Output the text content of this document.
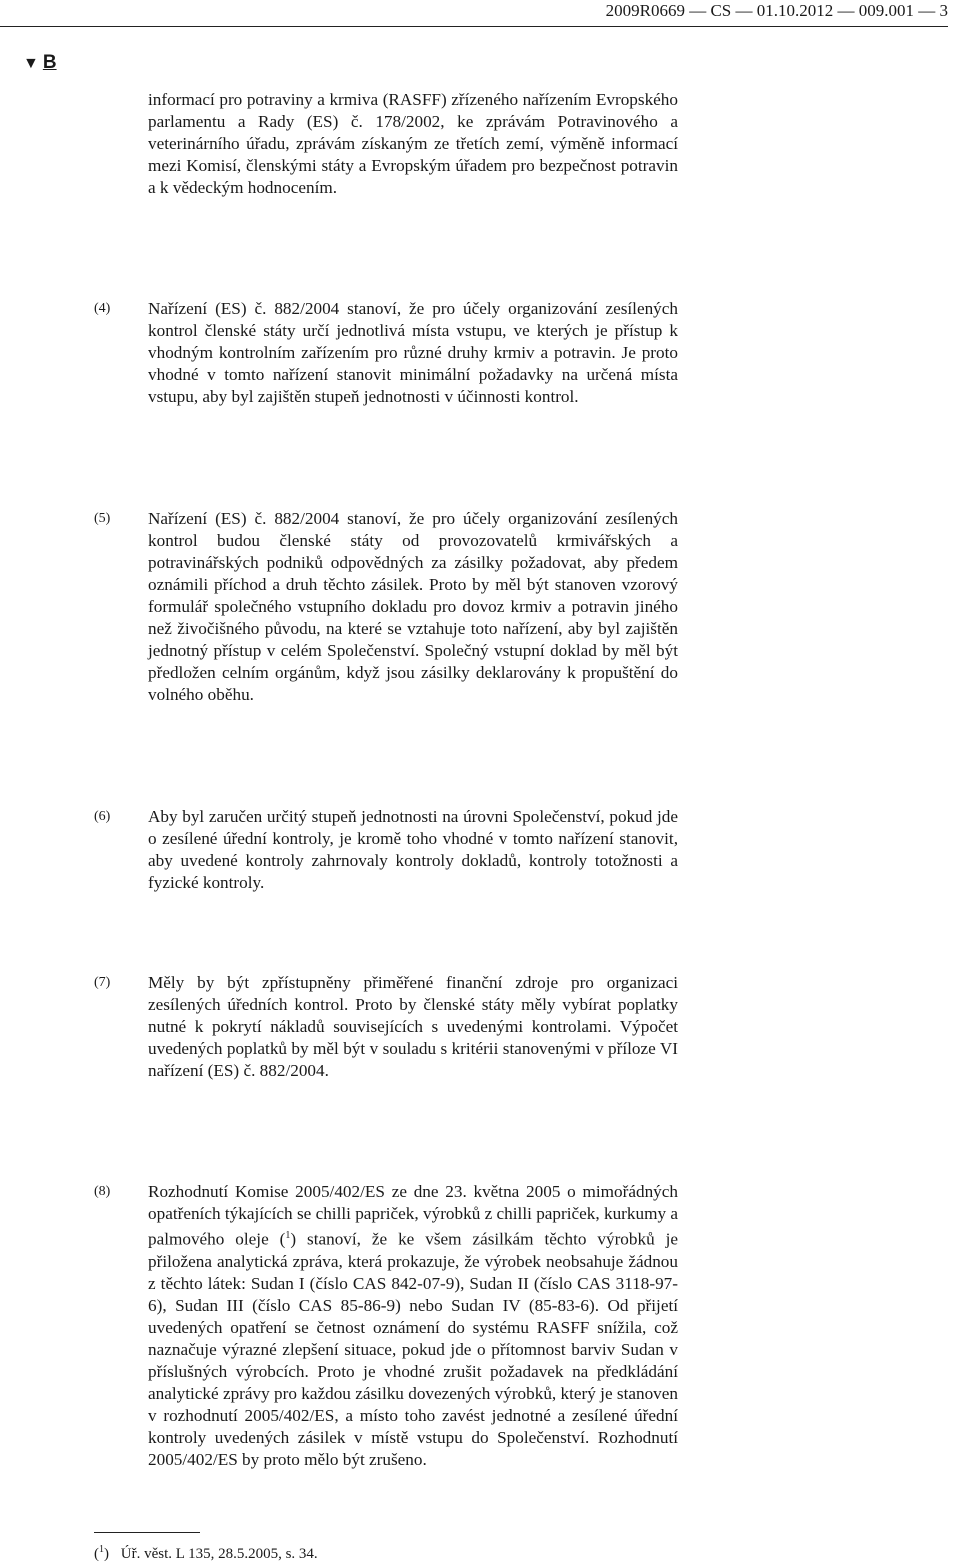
2009R0669 — CS — 01.10.2012 — 009.001 — 3
▼ B

informací pro potraviny a krmiva (RASFF) zřízeného nařízením Evropského parlamentu a Rady (ES) č. 178/2002, ke zprávám Potravinového a veterinárního úřadu, zprávám získaným ze třetích zemí, výměně informací mezi Komisí, členskými státy a Evropským úřadem pro bezpečnost potravin a k vědeckým hodnocením.

(4) Nařízení (ES) č. 882/2004 stanoví, že pro účely organizování zesílených kontrol členské státy určí jednotlivá místa vstupu, ve kterých je přístup k vhodným kontrolním zařízením pro různé druhy krmiv a potravin. Je proto vhodné v tomto nařízení stanovit minimální požadavky na určená místa vstupu, aby byl zajištěn stupeň jednotnosti v účinnosti kontrol.

(5) Nařízení (ES) č. 882/2004 stanoví, že pro účely organizování zesílených kontrol budou členské státy od provozovatelů krmivářských a potravinářských podniků odpovědných za zásilky požadovat, aby předem oznámili příchod a druh těchto zásilek. Proto by měl být stanoven vzorový formulář společného vstupního dokladu pro dovoz krmiv a potravin jiného než živočišného původu, na které se vztahuje toto nařízení, aby byl zajištěn jednotný přístup v celém Společenství. Společný vstupní doklad by měl být předložen celním orgánům, když jsou zásilky deklarovány k propuštění do volného oběhu.

(6) Aby byl zaručen určitý stupeň jednotnosti na úrovni Společenství, pokud jde o zesílené úřední kontroly, je kromě toho vhodné v tomto nařízení stanovit, aby uvedené kontroly zahrnovaly kontroly dokladů, kontroly totožnosti a fyzické kontroly.

(7) Měly by být zpřístupněny přiměřené finanční zdroje pro organizaci zesílených úředních kontrol. Proto by členské státy měly vybírat poplatky nutné k pokrytí nákladů souvisejících s uvedenými kontrolami. Výpočet uvedených poplatků by měl být v souladu s kritérii stanovenými v příloze VI nařízení (ES) č. 882/2004.

(8) Rozhodnutí Komise 2005/402/ES ze dne 23. května 2005 o mimořádných opatřeních týkajících se chilli papriček, výrobků z chilli papriček, kurkumy a palmového oleje ($^1$) stanoví, že ke všem zásilkám těchto výrobků je přiložena analytická zpráva, která prokazuje, že výrobek neobsahuje žádnou z těchto látek: Sudan I (číslo CAS 842-07-9), Sudan II (číslo CAS 3118-97-6), Sudan III (číslo CAS 85-86-9) nebo Sudan IV (85-83-6). Od přijetí uvedených opatření se četnost oznámení do systému RASFF snížila, což naznačuje výrazné zlepšení situace, pokud jde o přítomnost barviv Sudan v příslušných výrobcích. Proto je vhodné zrušit požadavek na předkládání analytické zprávy pro každou zásilku dovezených výrobků, který je stanoven v rozhodnutí 2005/402/ES, a místo toho zavést jednotné a zesílené úřední kontroly uvedených zásilek v místě vstupu do Společenství. Rozhodnutí 2005/402/ES by proto mělo být zrušeno.

($^1$) Úř. věst. L 135, 28.5.2005, s. 34.
